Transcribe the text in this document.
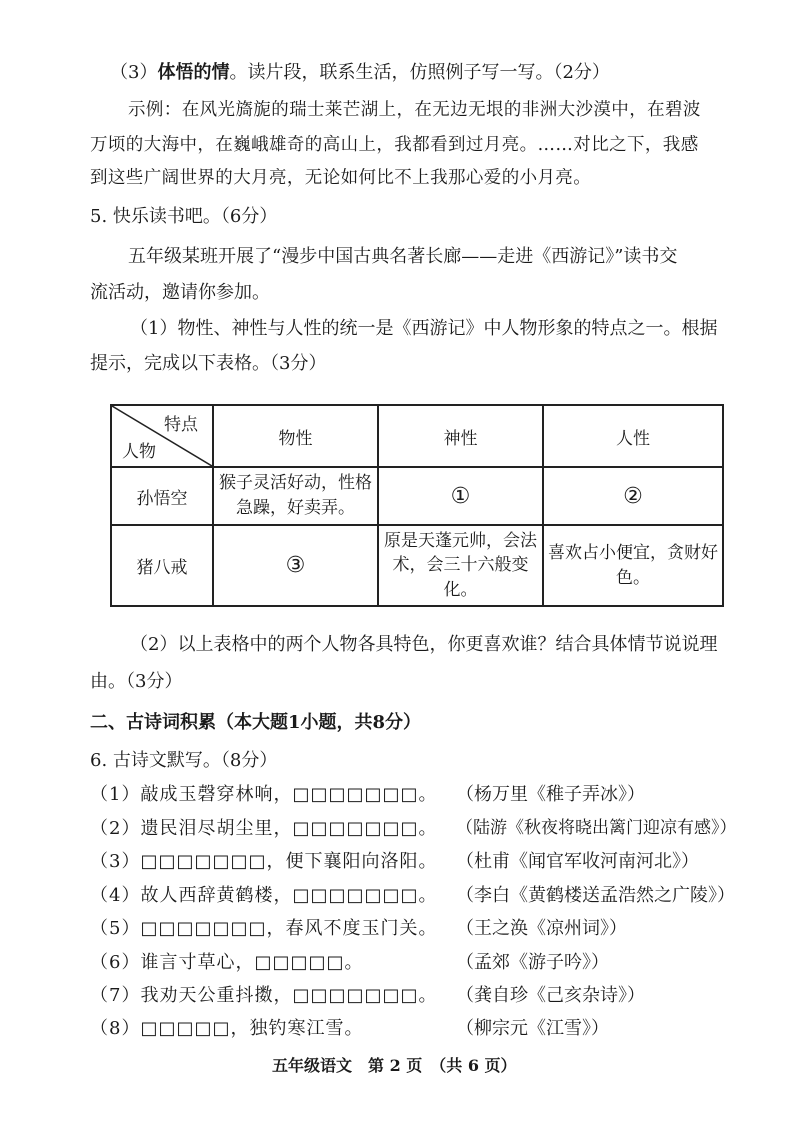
（3）体悟的情。读片段，联系生活，仿照例子写一写。（2分）
示例：在风光旖旎的瑞士莱芒湖上，在无边无垠的非洲大沙漠中，在碧波
万顷的大海中，在巍峨雄奇的高山上，我都看到过月亮。……对比之下，我感
到这些广阔世界的大月亮，无论如何比不上我那心爱的小月亮。
5. 快乐读书吧。（6分）
五年级某班开展了“漫步中国古典名著长廊——走进《西游记》”读书交
流活动，邀请你参加。
（1）物性、神性与人性的统一是《西游记》中人物形象的特点之一。根据
提示，完成以下表格。（3分）
特点
人物	物性	神性	人性
孙悟空	猴子灵活好动，性格急躁，好卖弄。	①	②
猪八戒	③	原是天蓬元帅，会法术，会三十六般变化。	喜欢占小便宜，贪财好色。
（2）以上表格中的两个人物各具特色，你更喜欢谁？结合具体情节说说理
由。（3分）
二、古诗词积累（本大题1小题，共8分）
6. 古诗文默写。（8分）
（1）敲成玉磬穿林响，□□□□□□□。 （杨万里《稚子弄冰》）
（2）遗民泪尽胡尘里，□□□□□□□。 （陆游《秋夜将晓出篱门迎凉有感》）
（3）□□□□□□□，便下襄阳向洛阳。 （杜甫《闻官军收河南河北》）
（4）故人西辞黄鹤楼，□□□□□□□。 （李白《黄鹤楼送孟浩然之广陵》）
（5）□□□□□□□，春风不度玉门关。 （王之涣《凉州词》）
（6）谁言寸草心，□□□□□。	（孟郊《游子吟》）
（7）我劝天公重抖擞，□□□□□□□。 （龚自珍《己亥杂诗》）
（8）□□□□□，独钓寒江雪。	（柳宗元《江雪》）
五年级语文　第 2 页　（共 6 页）
